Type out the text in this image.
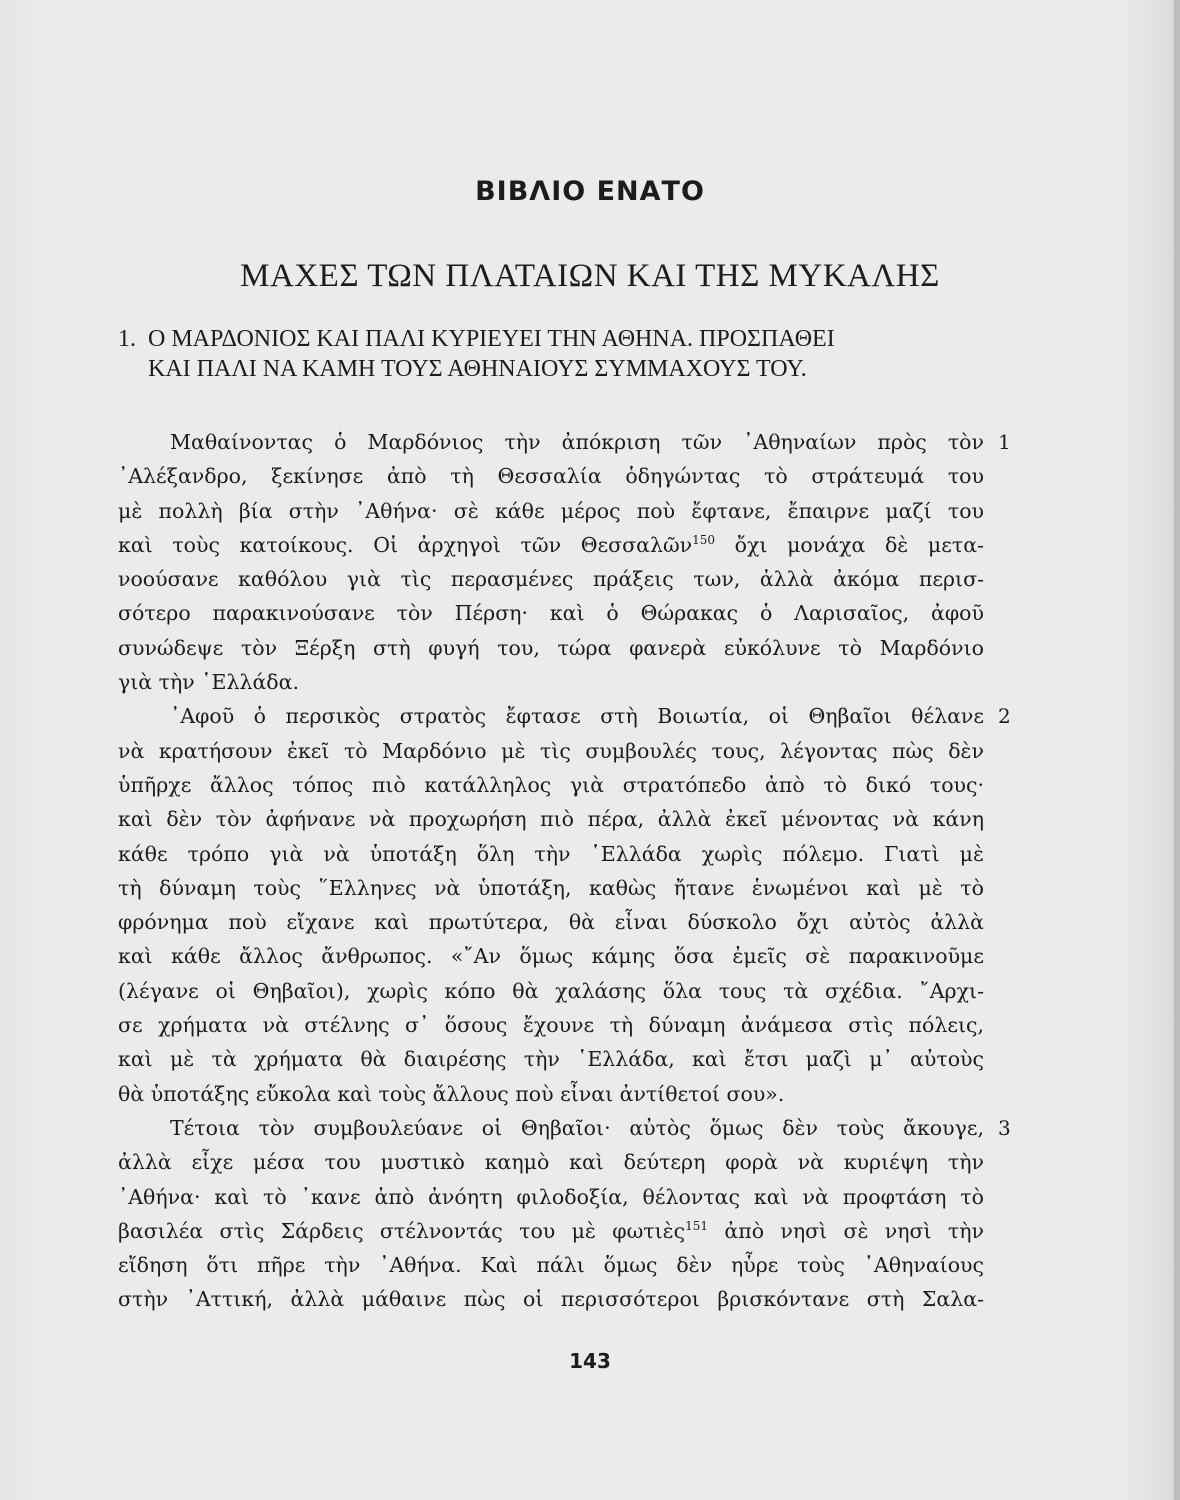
ΒΙΒΛΙΟ ΕΝΑΤΟ
ΜΑΧΕΣ ΤΩΝ ΠΛΑΤΑΙΩΝ ΚΑΙ ΤΗΣ ΜΥΚΑΛΗΣ
1. Ο ΜΑΡΔΟΝΙΟΣ ΚΑΙ ΠΑΛΙ ΚΥΡΙΕΥΕΙ ΤΗΝ ΑΘΗΝΑ. ΠΡΟΣΠΑΘΕΙ
ΚΑΙ ΠΑΛΙ ΝΑ ΚΑΜΗ ΤΟΥΣ ΑΘΗΝΑΙΟΥΣ ΣΥΜΜΑΧΟΥΣ ΤΟΥ.
Μαθαίνοντας ὁ Μαρδόνιος τὴν ἀπόκριση τῶν ᾿Αθηναίων πρὸς τὸν 1
᾿Αλέξανδρο, ξεκίνησε ἀπὸ τὴ Θεσσαλία ὁδηγώντας τὸ στράτευμά του
μὲ πολλὴ βία στὴν ᾿Αθήνα· σὲ κάθε μέρος ποὺ ἔφτανε, ἔπαιρνε μαζί του
καὶ τοὺς κατοίκους. Οἱ ἀρχηγοὶ τῶν Θεσσαλῶν$^{150}$ ὄχι μονάχα δὲ μετα-
νοούσανε καθόλου γιὰ τὶς περασμένες πράξεις των, ἀλλὰ ἀκόμα περισ-
σότερο παρακινούσανε τὸν Πέρση· καὶ ὁ Θώρακας ὁ Λαρισαῖος, ἀφοῦ
συνώδεψε τὸν Ξέρξη στὴ φυγή του, τώρα φανερὰ εὐκόλυνε τὸ Μαρδόνιο
γιὰ τὴν ῾Ελλάδα.
᾿Αφοῦ ὁ περσικὸς στρατὸς ἔφτασε στὴ Βοιωτία, οἱ Θηβαῖοι θέλανε 2
νὰ κρατήσουν ἐκεῖ τὸ Μαρδόνιο μὲ τὶς συμβουλές τους, λέγοντας πὼς δὲν
ὑπῆρχε ἄλλος τόπος πιὸ κατάλληλος γιὰ στρατόπεδο ἀπὸ τὸ δικό τους·
καὶ δὲν τὸν ἀφήνανε νὰ προχωρήση πιὸ πέρα, ἀλλὰ ἐκεῖ μένοντας νὰ κάνη
κάθε τρόπο γιὰ νὰ ὑποτάξη ὅλη τὴν ῾Ελλάδα χωρὶς πόλεμο. Γιατὶ μὲ
τὴ δύναμη τοὺς ῞Ελληνες νὰ ὑποτάξη, καθὼς ἤτανε ἑνωμένοι καὶ μὲ τὸ
φρόνημα ποὺ εἴχανε καὶ πρωτύτερα, θὰ εἶναι δύσκολο ὄχι αὐτὸς ἀλλὰ
καὶ κάθε ἄλλος ἄνθρωπος. «῎Αν ὅμως κάμης ὅσα ἐμεῖς σὲ παρακινοῦμε
(λέγανε οἱ Θηβαῖοι), χωρὶς κόπο θὰ χαλάσης ὅλα τους τὰ σχέδια. ῎Αρχι-
σε χρήματα νὰ στέλνης σ᾿ ὅσους ἔχουνε τὴ δύναμη ἀνάμεσα στὶς πόλεις,
καὶ μὲ τὰ χρήματα θὰ διαιρέσης τὴν ῾Ελλάδα, καὶ ἔτσι μαζὶ μ᾿ αὐτοὺς
θὰ ὑποτάξης εὔκολα καὶ τοὺς ἄλλους ποὺ εἶναι ἀντίθετοί σου».
Τέτοια τὸν συμβουλεύανε οἱ Θηβαῖοι· αὐτὸς ὅμως δὲν τοὺς ἄκουγε, 3
ἀλλὰ εἶχε μέσα του μυστικὸ καημὸ καὶ δεύτερη φορὰ νὰ κυριέψη τὴν
᾿Αθήνα· καὶ τὸ ᾿κανε ἀπὸ ἀνόητη φιλοδοξία, θέλοντας καὶ νὰ προφτάση τὸ
βασιλέα στὶς Σάρδεις στέλνοντάς του μὲ φωτιὲς$^{151}$ ἀπὸ νησὶ σὲ νησὶ τὴν
εἴδηση ὅτι πῆρε τὴν ᾿Αθήνα. Καὶ πάλι ὅμως δὲν ηὗρε τοὺς ᾿Αθηναίους
στὴν ᾿Αττική, ἀλλὰ μάθαινε πὼς οἱ περισσότεροι βρισκόντανε στὴ Σαλα-
143
